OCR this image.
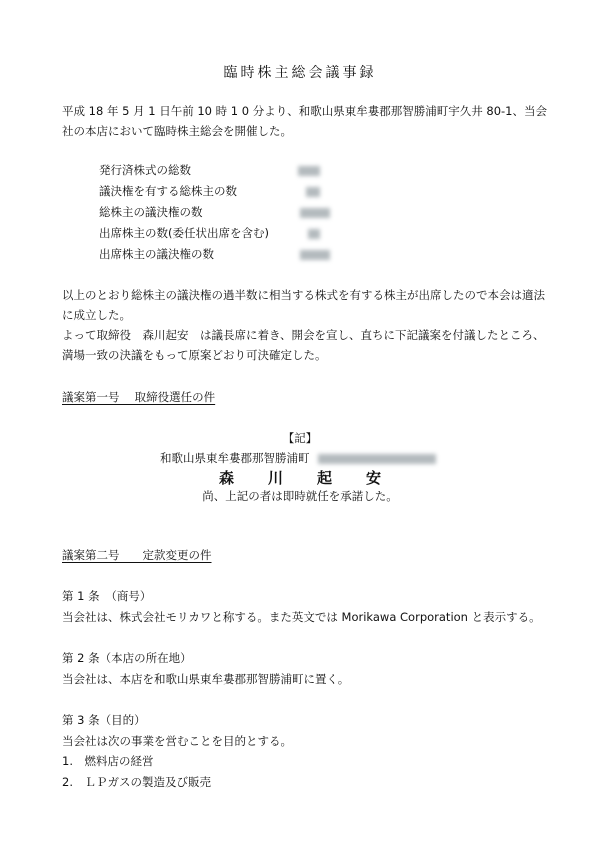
臨時株主総会議事録
平成 18 年 5 月 1 日午前 10 時 1 0 分より、和歌山県東牟婁郡那智勝浦町宇久井 80-1、当会社の本店において臨時株主総会を開催した。
発行済株式の総数
議決権を有する総株主の数
総株主の議決権の数
出席株主の数(委任状出席を含む)
出席株主の議決権の数
以上のとおり総株主の議決権の過半数に相当する株式を有する株主が出席したので本会は適法に成立した。
よって取締役　森川起安　は議長席に着き、開会を宣し、直ちに下記議案を付議したところ、満場一致の決議をもって原案どおり可決確定した。
議案第一号　 取締役選任の件
【記】
和歌山県東牟婁郡那智勝浦町
森川起安
尚、上記の者は即時就任を承諾した。
議案第二号　　定款変更の件
第 1 条　（商号）
当会社は、株式会社モリカワと称する。また英文では Morikawa Corporation と表示する。
第 2 条（本店の所在地）
当会社は、本店を和歌山県東牟婁郡那智勝浦町に置く。
第 3 条（目的）
当会社は次の事業を営むことを目的とする。
1.　燃料店の経営
2.　ＬＰガスの製造及び販売
